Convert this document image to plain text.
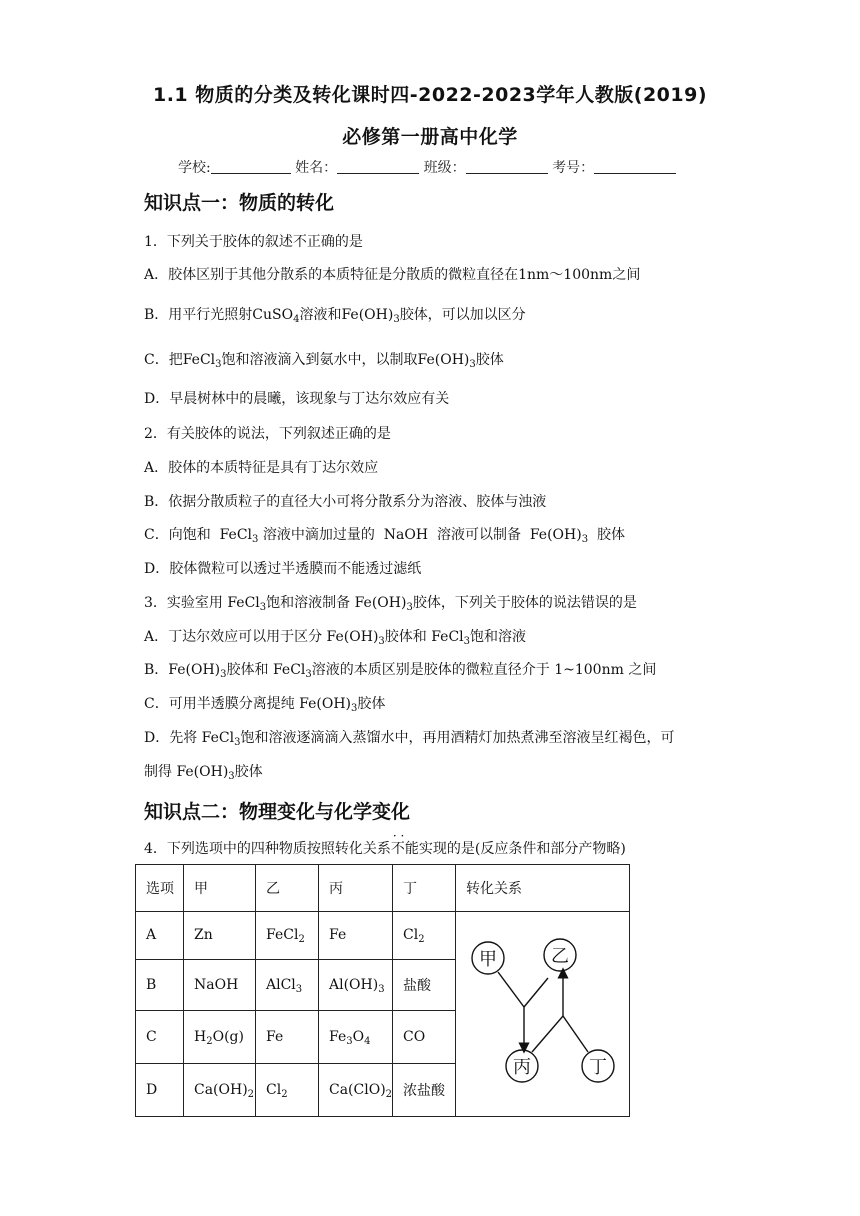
1.1 物质的分类及转化课时四-2022-2023学年人教版(2019)
必修第一册高中化学
学校:	姓名：	班级：	考号：
知识点一：物质的转化
1．下列关于胶体的叙述不正确的是
A．胶体区别于其他分散系的本质特征是分散质的微粒直径在1nm～100nm之间
B．用平行光照射CuSO$_4$溶液和$Fe(OH)_3$胶体，可以加以区分
C．把FeCl$_3$饱和溶液滴入到氨水中，以制取$Fe(OH)_3$胶体
D．早晨树林中的晨曦，该现象与丁达尔效应有关
2．有关胶体的说法，下列叙述正确的是
A．胶体的本质特征是具有丁达尔效应
B．依据分散质粒子的直径大小可将分散系分为溶液、胶体与浊液
C．向饱和  FeCl$_3$ 溶液中滴加过量的  NaOH  溶液可以制备  $Fe(OH)_3$  胶体
D．胶体微粒可以透过半透膜而不能透过滤纸
3．实验室用 FeCl$_3$饱和溶液制备 $Fe(OH)_3$胶体，下列关于胶体的说法错误的是
A．丁达尔效应可以用于区分 $Fe(OH)_3$胶体和 FeCl$_3$饱和溶液
B．$Fe(OH)_3$胶体和 FeCl$_3$溶液的本质区别是胶体的微粒直径介于 1~100nm 之间
C．可用半透膜分离提纯 $Fe(OH)_3$胶体
D．先将 FeCl$_3$饱和溶液逐滴滴入蒸馏水中，再用酒精灯加热煮沸至溶液呈红褐色，可
制得 $Fe(OH)_3$胶体
知识点二：物理变化与化学变化
4．下列选项中的四种物质按照转化关系· · 不能实现的是(反应条件和部分产物略)
选项	甲	乙	丙	丁	转化关系
A	Zn	FeCl$_2$	Fe	$Cl_2$	甲 乙
丙 丁

B	NaOH	AlCl$_3$	$Al(OH)_3$	盐酸	
C	$H_2O(g)$	Fe	$Fe_3O_4$	CO	
D	$Ca(OH)_2$	$Cl_2$	$Ca(ClO)_2$	浓盐酸	
